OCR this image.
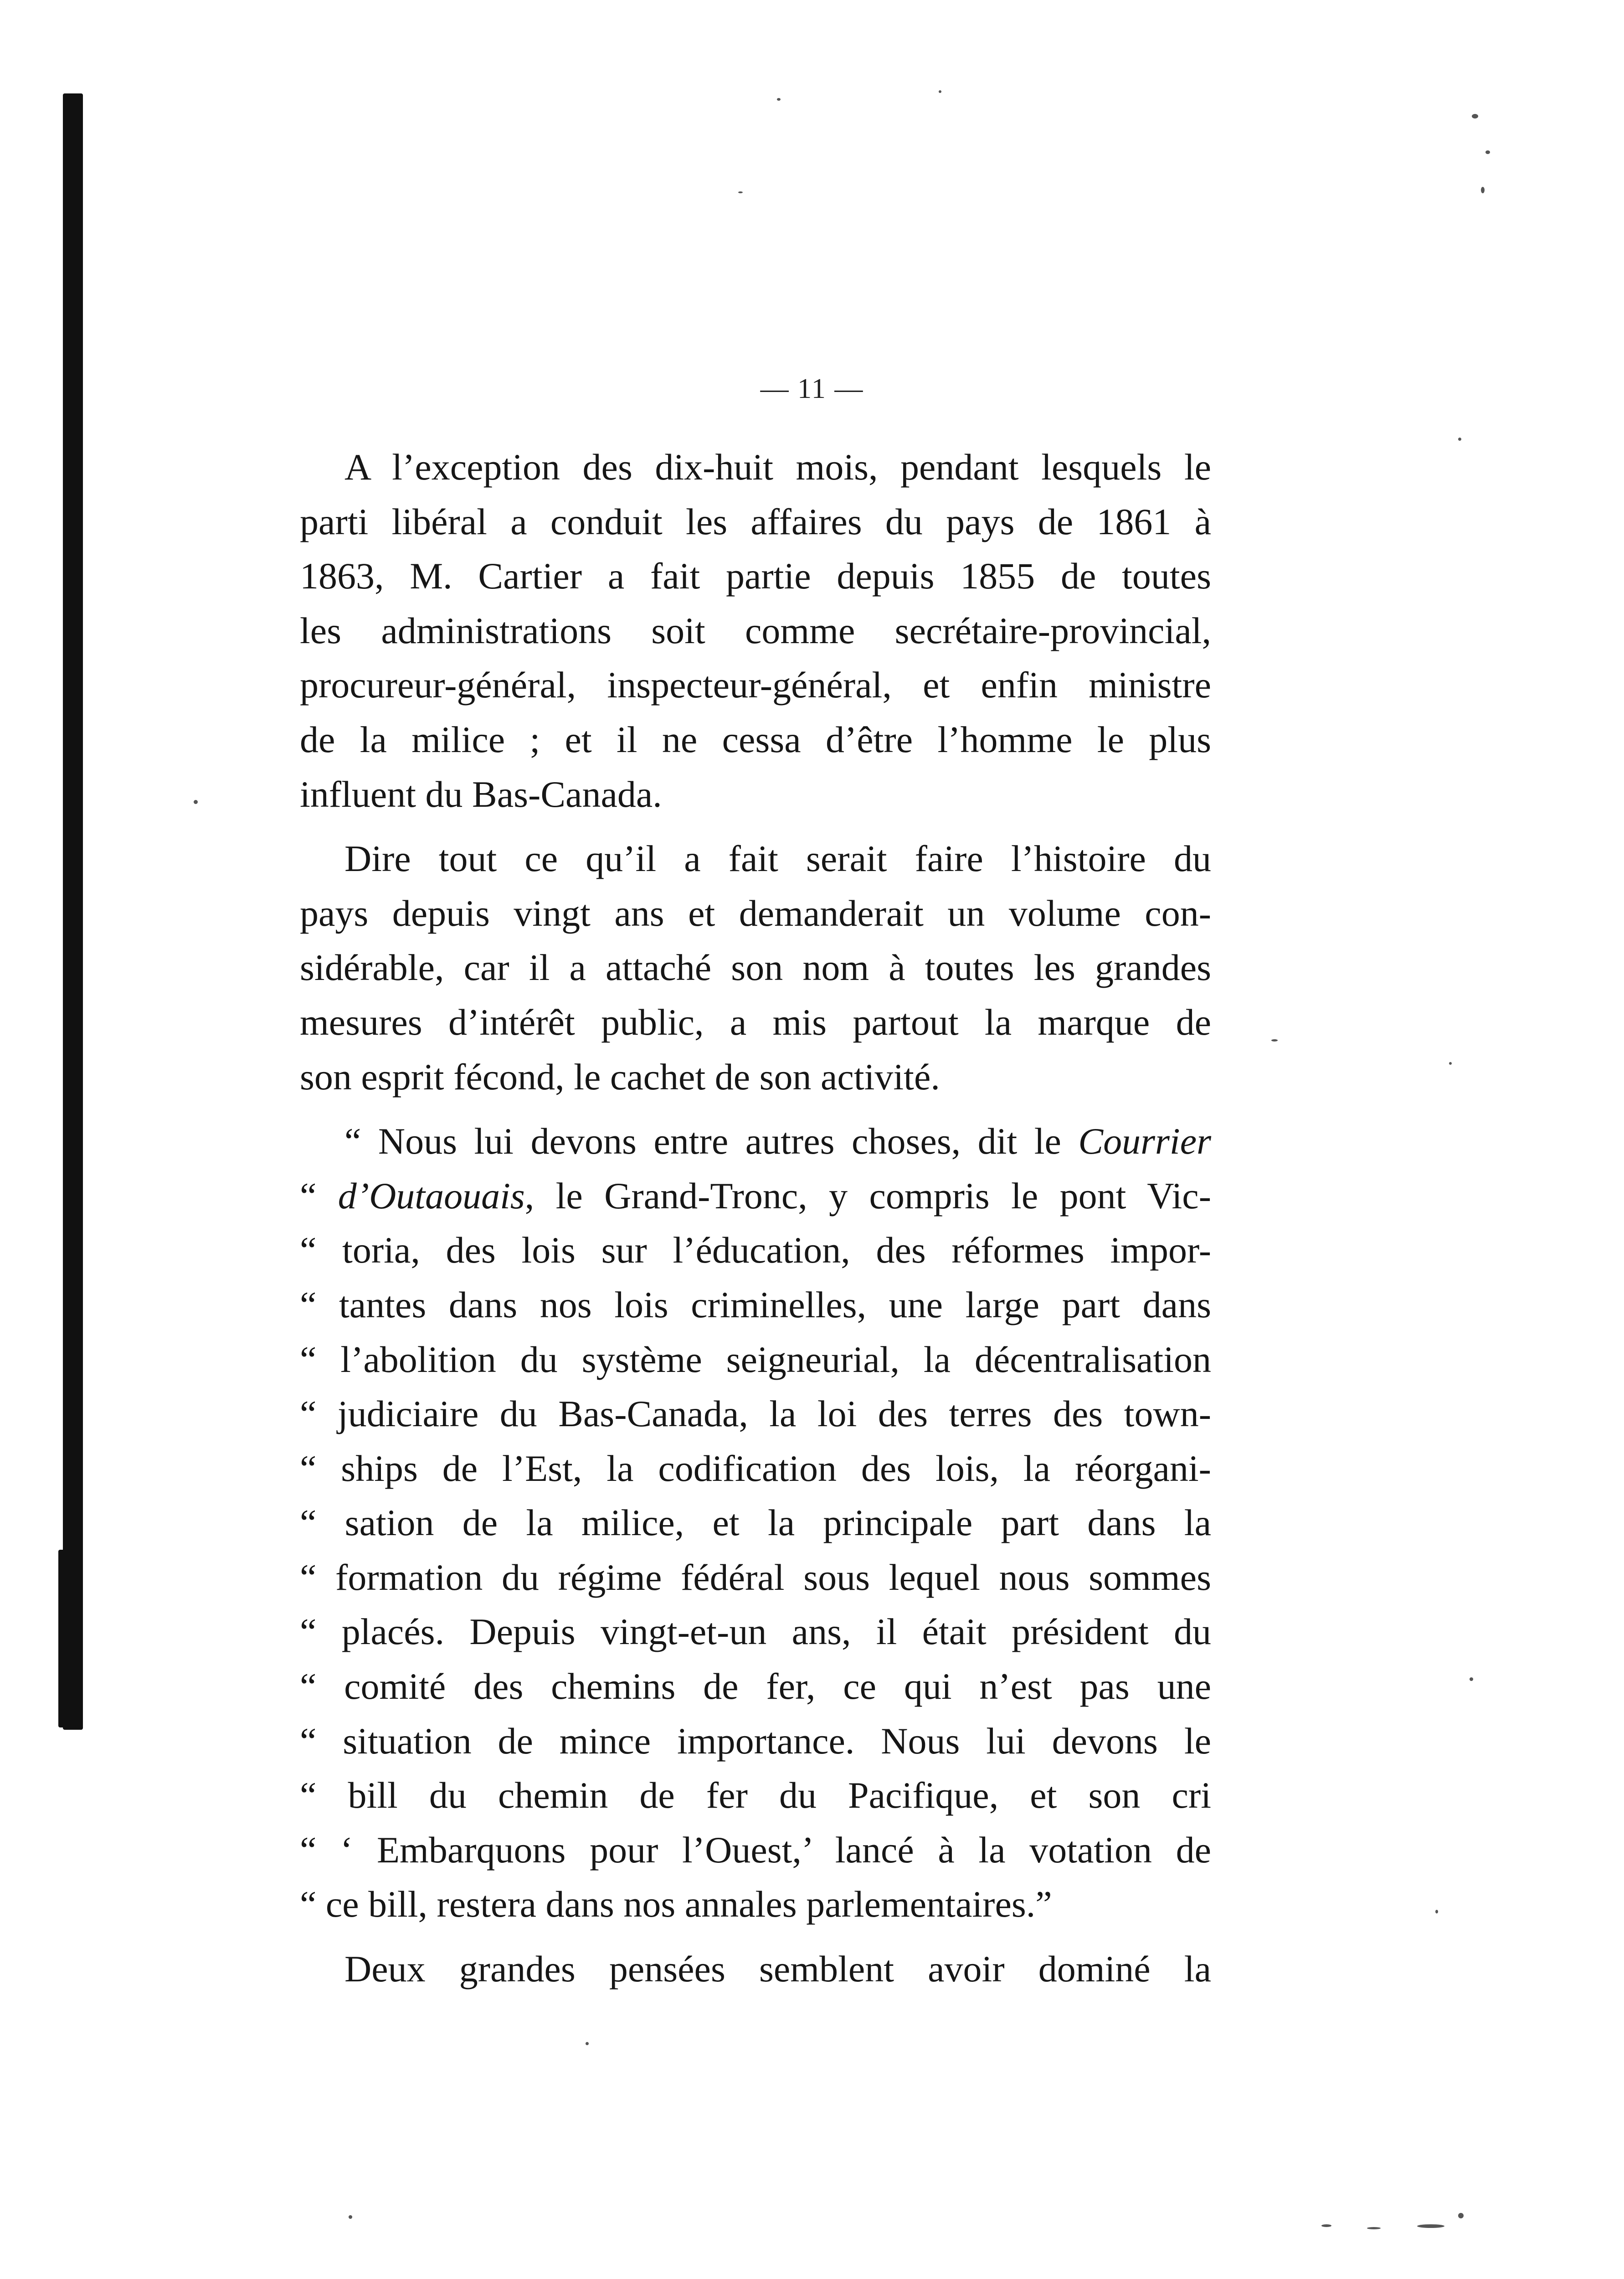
— 11 —

A l’exception des dix-huit mois, pendant lesquels le
parti libéral a conduit les affaires du pays de 1861 à
1863, M. Cartier a fait partie depuis 1855 de toutes
les administrations soit comme secrétaire-provincial,
procureur-général, inspecteur-général, et enfin ministre
de la milice ; et il ne cessa d’être l’homme le plus
influent du Bas-Canada.

Dire tout ce qu’il a fait serait faire l’histoire du
pays depuis vingt ans et demanderait un volume con-
sidérable, car il a attaché son nom à toutes les grandes
mesures d’intérêt public, a mis partout la marque de
son esprit fécond, le cachet de son activité.

“ Nous lui devons entre autres choses, dit le Courrier
“ d’Outaouais, le Grand-Tronc, y compris le pont Vic-
“ toria, des lois sur l’éducation, des réformes impor-
“ tantes dans nos lois criminelles, une large part dans
“ l’abolition du système seigneurial, la décentralisation
“ judiciaire du Bas-Canada, la loi des terres des town-
“ ships de l’Est, la codification des lois, la réorgani-
“ sation de la milice, et la principale part dans la
“ formation du régime fédéral sous lequel nous sommes
“ placés. Depuis vingt-et-un ans, il était président du
“ comité des chemins de fer, ce qui n’est pas une
“ situation de mince importance. Nous lui devons le
“ bill du chemin de fer du Pacifique, et son cri
“ ‘ Embarquons pour l’Ouest,’ lancé à la votation de
“ ce bill, restera dans nos annales parlementaires.”

Deux grandes pensées semblent avoir dominé la
